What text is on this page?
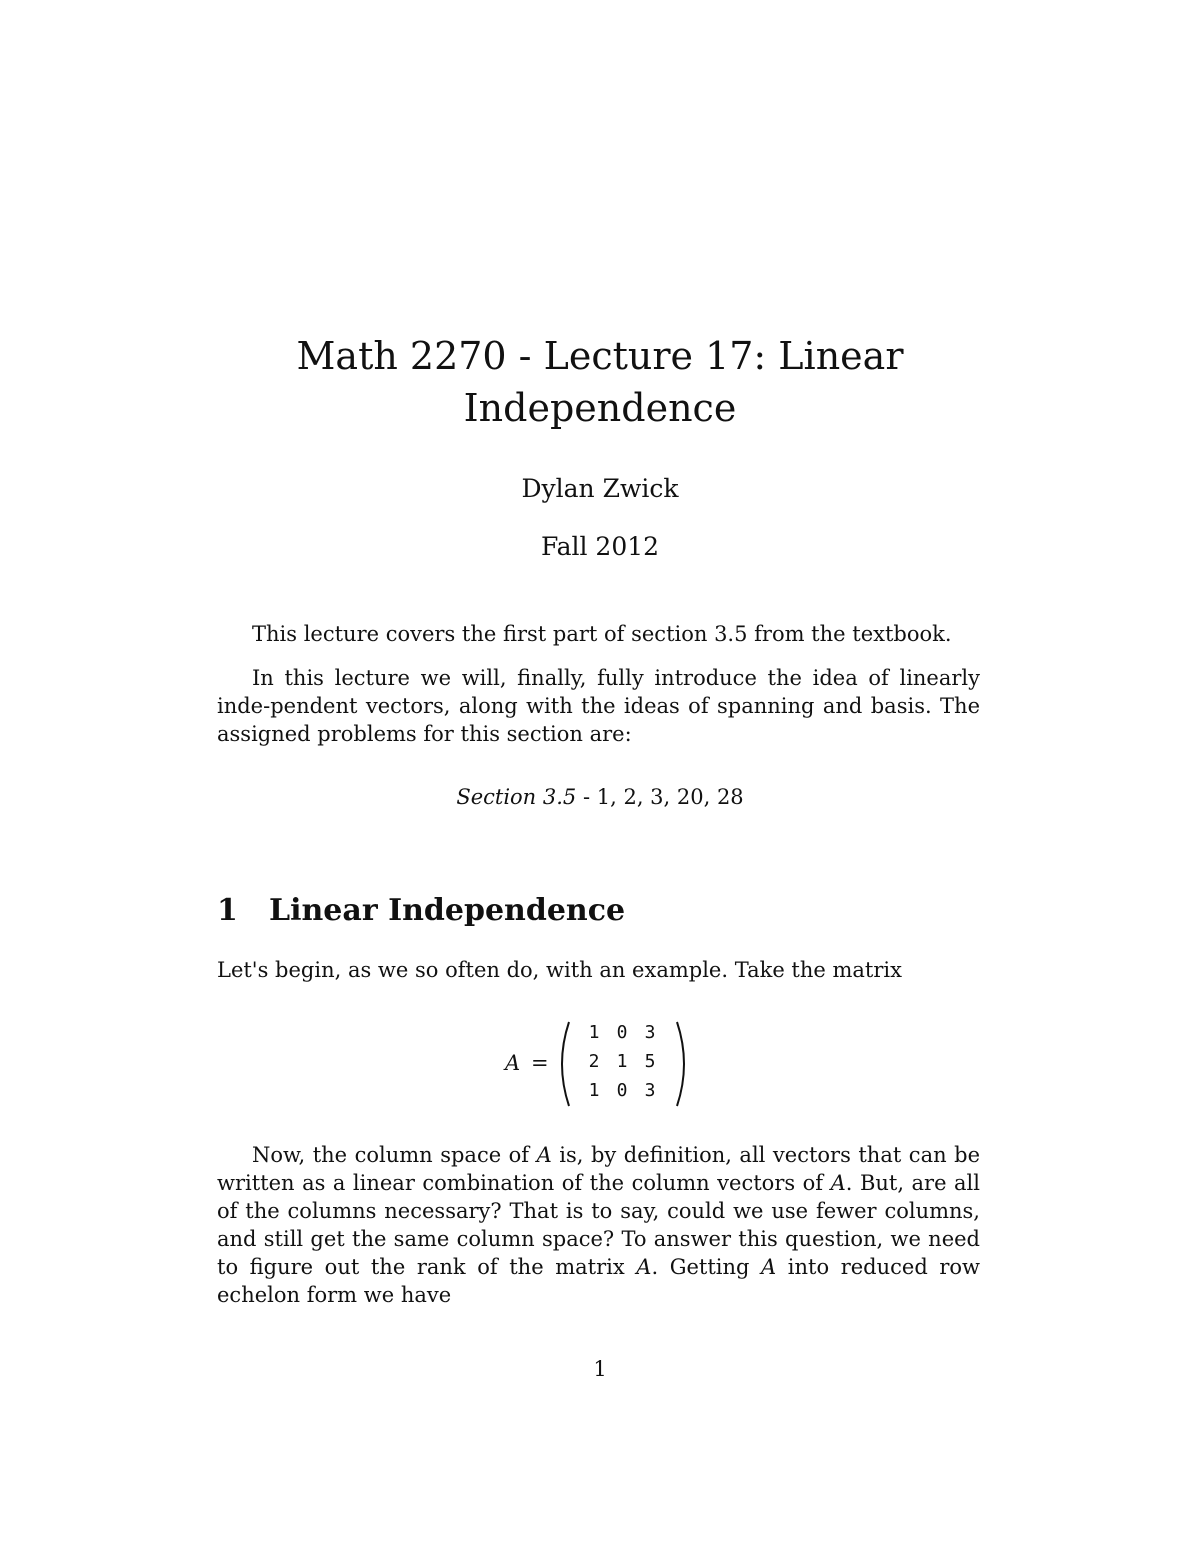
Math 2270 - Lecture 17: Linear
Independence
Dylan Zwick
Fall 2012

This lecture covers the first part of section 3.5 from the textbook.

In this lecture we will, finally, fully introduce the idea of linearly inde-pendent vectors, along with the ideas of spanning and basis. The assigned problems for this section are:

Section 3.5 - 1, 2, 3, 20, 28
1 Linear Independence

Let's begin, as we so often do, with an example. Take the matrix

A =
1 0 3
2 1 5
1 0 3

Now, the column space of A is, by definition, all vectors that can be written as a linear combination of the column vectors of A. But, are all of the columns necessary? That is to say, could we use fewer columns, and still get the same column space? To answer this question, we need to figure out the rank of the matrix A. Getting A into reduced row echelon form we have

1
